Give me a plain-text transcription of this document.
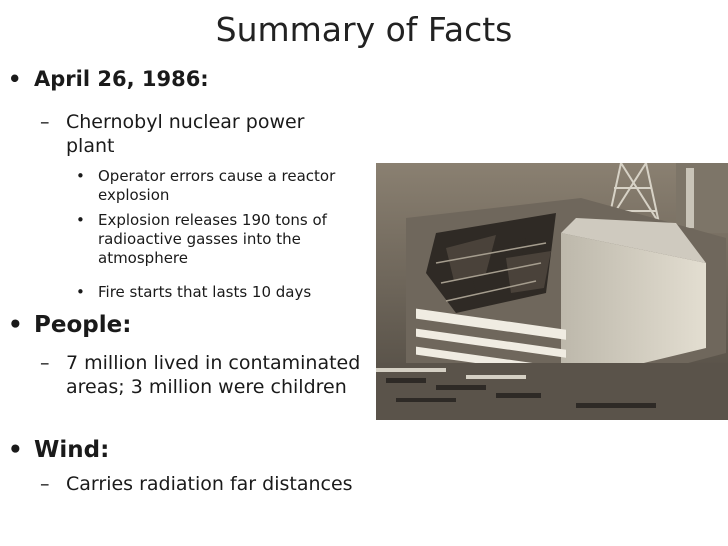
Summary of Facts
• April 26, 1986:
– Chernobyl nuclear power plant
• Operator errors cause a reactor explosion
• Explosion releases 190 tons of radioactive gasses into the atmosphere
• Fire starts that lasts 10 days
• People:
– 7 million lived in contaminated areas; 3 million were children
• Wind:
– Carries radiation far distances
